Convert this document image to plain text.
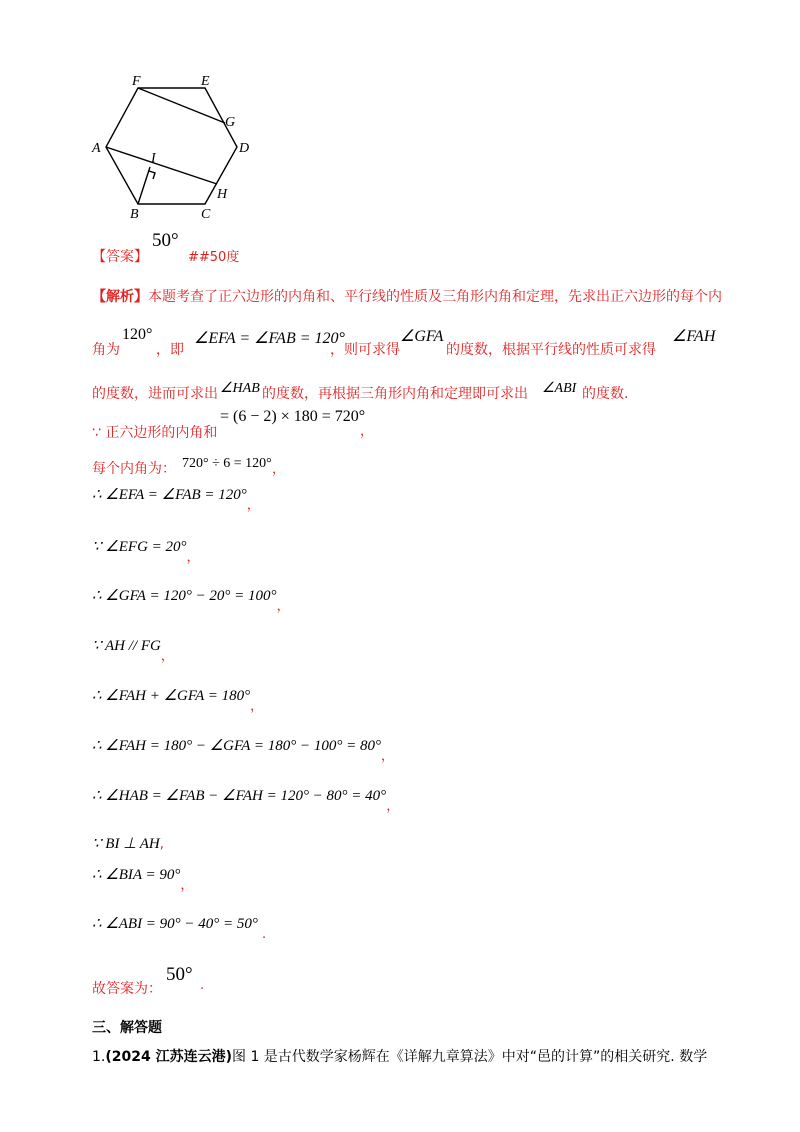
F	E
G
A	D
I
H
B	C
【答案】
50°
##50度
【解析】本题考查了正六边形的内角和、平行线的性质及三角形内角和定理，先求出正六边形的每个内
角为
120°
，即
∠EFA = ∠FAB = 120°
，则可求得
∠GFA
的度数，根据平行线的性质可求得
∠FAH
的度数，进而可求出 ∠HAB 的度数，再根据三角形内角和定理即可求出 ∠ABI 的度数.
∵ 正六边形的内角和
= (6 − 2) × 180 = 720°
，
每个内角为： 720° ÷ 6 = 120° ，
∴ ∠EFA = ∠FAB = 120°，
∵ ∠EFG = 20°，
∴ ∠GFA = 120° − 20° = 100°，
∵ AH // FG，
∴ ∠FAH + ∠GFA = 180°，
∴ ∠FAH = 180° − ∠GFA = 180° − 100° = 80°，
∴ ∠HAB = ∠FAB − ∠FAH = 120° − 80° = 40°，
∵ BI ⊥ AH,
∴ ∠BIA = 90°，
∴ ∠ABI = 90° − 40° = 50°.
故答案为：
50°
.
三、解答题
1.(2024 江苏连云港)图 1 是古代数学家杨辉在《详解九章算法》中对“邑的计算”的相关研究. 数学
